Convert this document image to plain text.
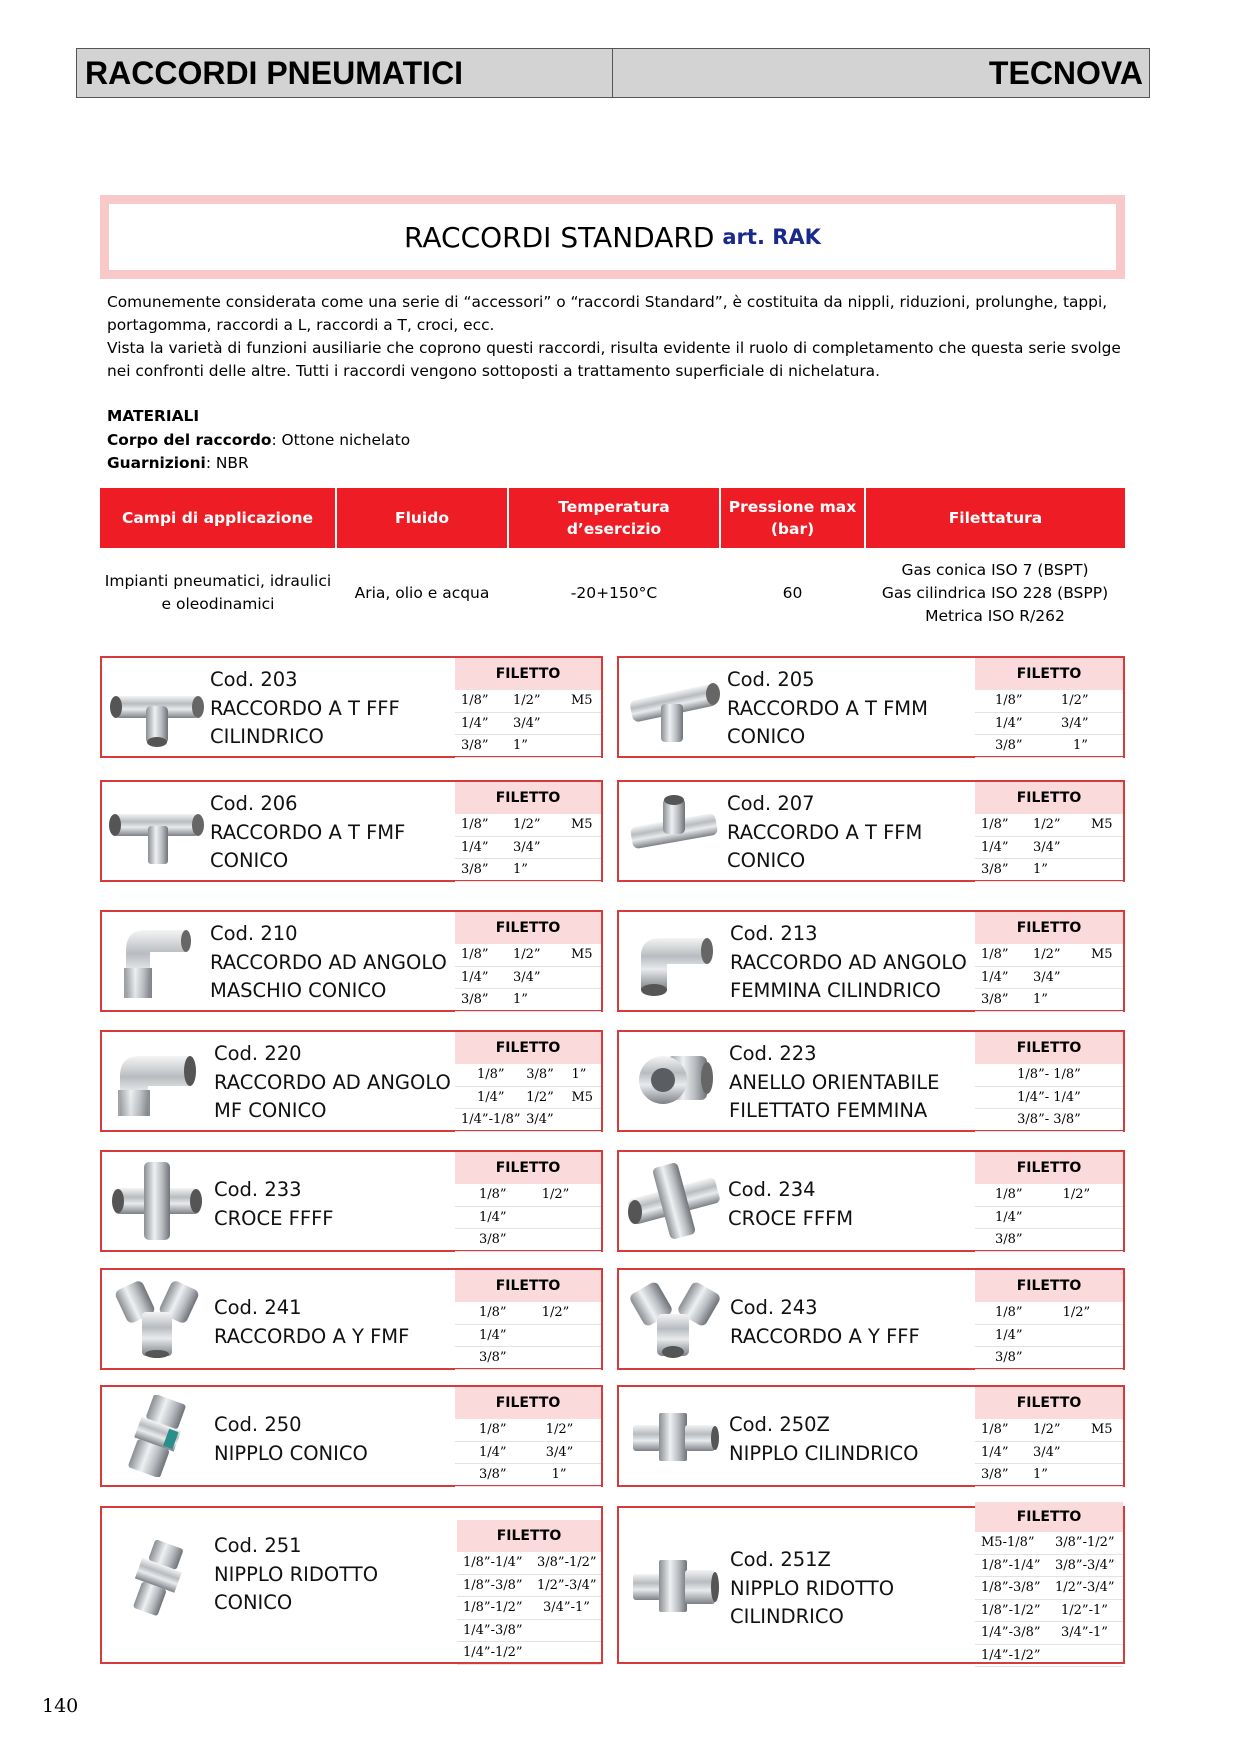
RACCORDI PNEUMATICI	TECNOVA
RACCORDI STANDARD art. RAK
Comunemente considerata come una serie di “accessori” o “raccordi Standard”, è costituita da nippli, riduzioni, prolunghe, tappi,
portagomma, raccordi a L, raccordi a T, croci, ecc.
Vista la varietà di funzioni ausiliarie che coprono questi raccordi, risulta evidente il ruolo di completamento che questa serie svolge
nei confronti delle altre. Tutti i raccordi vengono sottoposti a trattamento superficiale di nichelatura.
MATERIALI
Corpo del raccordo: Ottone nichelato
Guarnizioni: NBR
Campi di applicazione	Fluido	Temperatura d’esercizio	Pressione max
(bar)	Filettatura
Impianti pneumatici, idraulici
e oleodinamici	Aria, olio e acqua	-20+150°C	60	Gas conica ISO 7 (BSPT)
Gas cilindrica ISO 228 (BSPP)
Metrica ISO R/262
Cod. 203
RACCORDO A T FFF
CILINDRICO
FILETTO
1/8”	1/2”	M5
1/4”	3/4”
3/8”	1”
Cod. 205
RACCORDO A T FMM
CONICO
FILETTO
1/8”	1/2”
1/4”	3/4”
3/8”	1”
Cod. 206
RACCORDO A T FMF
CONICO
FILETTO
1/8”	1/2”	M5
1/4”	3/4”
3/8”	1”
Cod. 207
RACCORDO A T FFM
CONICO
FILETTO
1/8”	1/2”	M5
1/4”	3/4”
3/8”	1”
Cod. 210
RACCORDO AD ANGOLO
MASCHIO CONICO
FILETTO
1/8”	1/2”	M5
1/4”	3/4”
3/8”	1”
Cod. 213
RACCORDO AD ANGOLO
FEMMINA CILINDRICO
FILETTO
1/8”	1/2”	M5
1/4”	3/4”
3/8”	1”
Cod. 220
RACCORDO AD ANGOLO
MF CONICO
FILETTO
1/8”	3/8”	1”
1/4”	1/2”	M5
1/4”-1/8” 3/4”
Cod. 223
ANELLO ORIENTABILE
FILETTATO FEMMINA
FILETTO
1/8”- 1/8”
1/4”- 1/4”
3/8”- 3/8”
Cod. 233
CROCE FFFF
FILETTO
1/8”	1/2”
1/4”
3/8”
Cod. 234
CROCE FFFM
FILETTO
1/8”	1/2”
1/4”
3/8”
Cod. 241
RACCORDO A Y FMF
FILETTO
1/8”	1/2”
1/4”
3/8”
Cod. 243
RACCORDO A Y FFF
FILETTO
1/8”	1/2”
1/4”
3/8”
Cod. 250
NIPPLO CONICO
FILETTO
1/8”	1/2”
1/4”	3/4”
3/8”	1”
Cod. 250Z
NIPPLO CILINDRICO
FILETTO
1/8”	1/2”	M5
1/4”	3/4”
3/8”	1”
Cod. 251
NIPPLO RIDOTTO
CONICO
FILETTO
1/8”-1/4”	3/8”-1/2”
1/8”-3/8”	1/2”-3/4”
1/8”-1/2”	3/4”-1”
1/4”-3/8”
1/4”-1/2”
Cod. 251Z
NIPPLO RIDOTTO
CILINDRICO
FILETTO
M5-1/8”	3/8”-1/2”
1/8”-1/4”	3/8”-3/4”
1/8”-3/8”	1/2”-3/4”
1/8”-1/2”	1/2”-1”
1/4”-3/8”	3/4”-1”
1/4”-1/2”
140
